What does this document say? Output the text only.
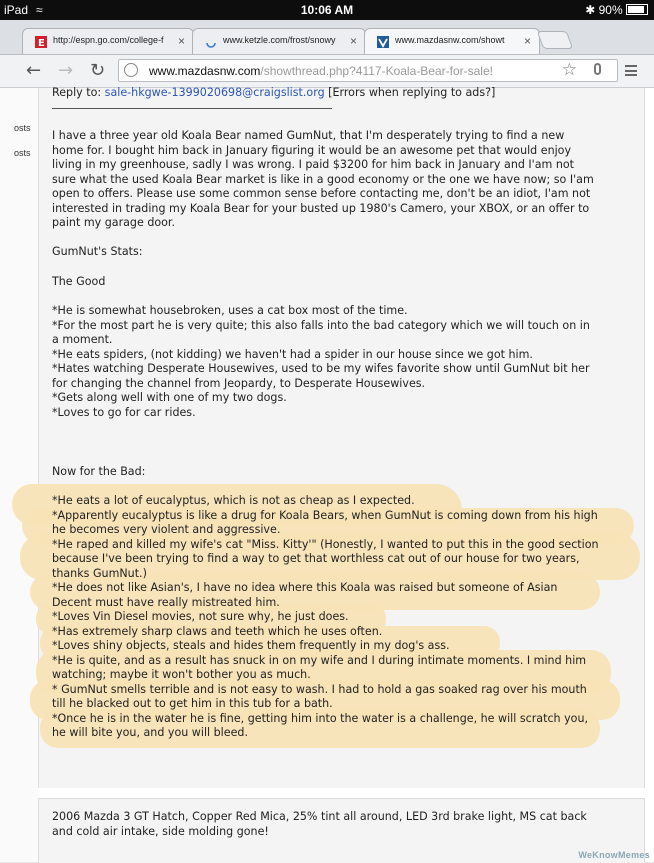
iPad ≈	10:06 AM	✱ 90%
E http://espn.go.com/college-f ×	www.ketzle.com/frost/snowy ×	www.mazdasnw.com/showt ×
← → ↻	www.mazdasnw.com/showthread.php?4117-Koala-Bear-for-sale!	☆
osts
osts
Reply to: sale-hkgwe-1399020698@craigslist.org [Errors when replying to ads?]
I have a three year old Koala Bear named GumNut, that I'm desperately trying to find a new
home for. I bought him back in January figuring it would be an awesome pet that would enjoy
living in my greenhouse, sadly I was wrong. I paid $3200 for him back in January and I'am not
sure what the used Koala Bear market is like in a good economy or the one we have now; so I'am
open to offers. Please use some common sense before contacting me, don't be an idiot, I'am not
interested in trading my Koala Bear for your busted up 1980's Camero, your XBOX, or an offer to
paint my garage door.
GumNut's Stats:
The Good
*He is somewhat housebroken, uses a cat box most of the time.
*For the most part he is very quite; this also falls into the bad category which we will touch on in
a moment.
*He eats spiders, (not kidding) we haven't had a spider in our house since we got him.
*Hates watching Desperate Housewives, used to be my wifes favorite show until GumNut bit her
for changing the channel from Jeopardy, to Desperate Housewives.
*Gets along well with one of my two dogs.
*Loves to go for car rides.
Now for the Bad:
*He eats a lot of eucalyptus, which is not as cheap as I expected.
*Apparently eucalyptus is like a drug for Koala Bears, when GumNut is coming down from his high
he becomes very violent and aggressive.
*He raped and killed my wife's cat "Miss. Kitty'" (Honestly, I wanted to put this in the good section
because I've been trying to find a way to get that worthless cat out of our house for two years,
thanks GumNut.)
*He does not like Asian's, I have no idea where this Koala was raised but someone of Asian
Decent must have really mistreated him.
*Loves Vin Diesel movies, not sure why, he just does.
*Has extremely sharp claws and teeth which he uses often.
*Loves shiny objects, steals and hides them frequently in my dog's ass.
*He is quite, and as a result has snuck in on my wife and I during intimate moments. I mind him
watching; maybe it won't bother you as much.
* GumNut smells terrible and is not easy to wash. I had to hold a gas soaked rag over his mouth
till he blacked out to get him in this tub for a bath.
*Once he is in the water he is fine, getting him into the water is a challenge, he will scratch you,
he will bite you, and you will bleed.
2006 Mazda 3 GT Hatch, Copper Red Mica, 25% tint all around, LED 3rd brake light, MS cat back
and cold air intake, side molding gone!
WeKnowMemes
